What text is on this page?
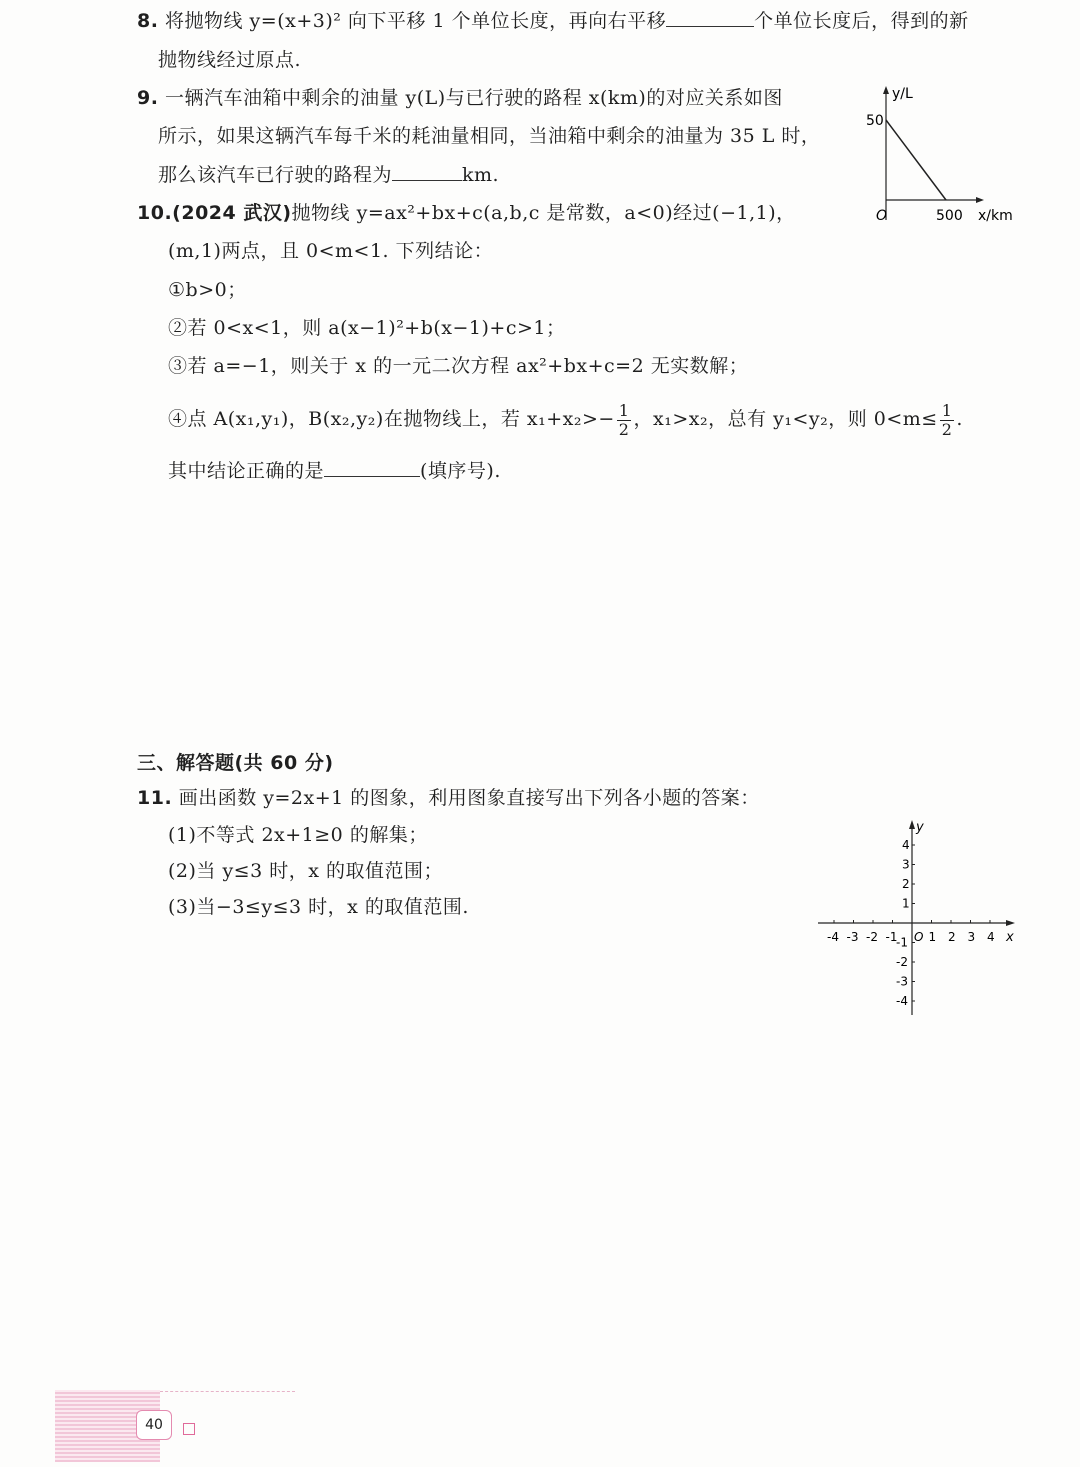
8. 将抛物线 y=(x+3)² 向下平移 1 个单位长度，再向右平移	个单位长度后，得到的新
抛物线经过原点.
9. 一辆汽车油箱中剩余的油量 y(L)与已行驶的路程 x(km)的对应关系如图
所示，如果这辆汽车每千米的耗油量相同，当油箱中剩余的油量为 35 L 时，
那么该汽车已行驶的路程为	km.
y/L
50
O	500 x/km
10.(2024 武汉)抛物线 y=ax²+bx+c(a,b,c 是常数，a<0)经过(−1,1)，
(m,1)两点，且 0<m<1. 下列结论：
①b>0；
②若 0<x<1，则 a(x−1)²+b(x−1)+c>1；
③若 a=−1，则关于 x 的一元二次方程 ax²+bx+c=2 无实数解；
④点 A(x₁,y₁)，B(x₂,y₂)在抛物线上，若 $x_1+x_2>- \frac{1}{2}$ ，x₁>x₂，总有 y₁<y₂，则 $0<m\le \frac{1}{2}$ .
其中结论正确的是	(填序号).
三、解答题(共 60 分)
11. 画出函数 y=2x+1 的图象，利用图象直接写出下列各小题的答案：
(1)不等式 2x+1≥0 的解集；
(2)当 y≤3 时，x 的取值范围；
(3)当−3≤y≤3 时，x 的取值范围.
y
x
O
-4 -3 -2 -1	1 2 3 4
4
3
2
1
-1
-2
-3
-4
40
